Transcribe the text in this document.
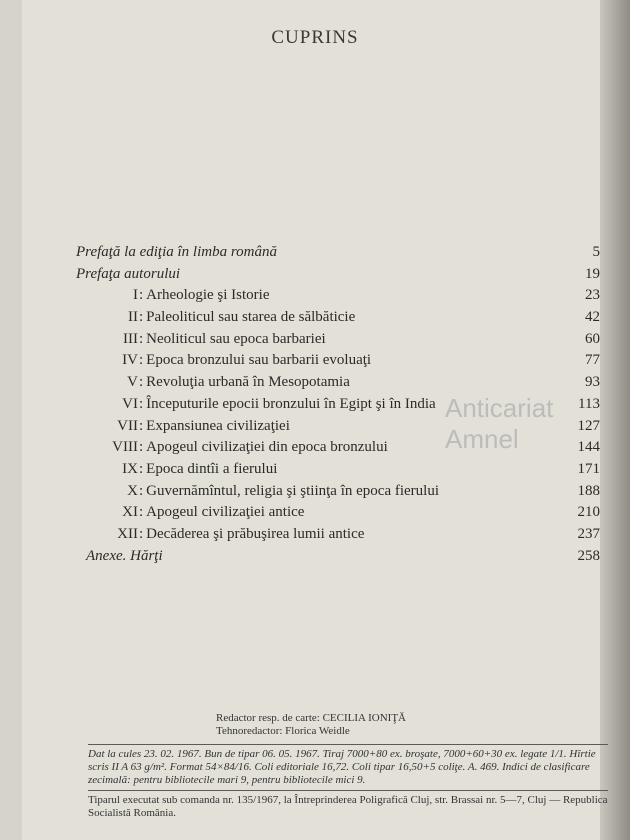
CUPRINS
Prefaţă la ediţia în limba română	5
Prefaţa autorului	19
I: Arheologie şi Istorie	23
II: Paleoliticul sau starea de sălbăticie	42
III: Neoliticul sau epoca barbariei	60
IV: Epoca bronzului sau barbarii evoluaţi	77
V: Revoluţia urbană în Mesopotamia	93
VI: Începuturile epocii bronzului în Egipt şi în India	113
VII: Expansiunea civilizaţiei	127
VIII: Apogeul civilizaţiei din epoca bronzului	144
IX: Epoca dintîi a fierului	171
X: Guvernămîntul, religia şi ştiinţa în epoca fierului	188
XI: Apogeul civilizaţiei antice	210
XII: Decăderea şi prăbuşirea lumii antice	237
Anexe. Hărţi	258
Anticariat Amnel
Redactor resp. de carte: CECILIA IONIŢĂ
Tehnoredactor: Florica Weidle
Dat la cules 23. 02. 1967. Bun de tipar 06. 05. 1967. Tiraj 7000+80 ex. broşate, 7000+60+30 ex. legate 1/1. Hîrtie scris II A 63 g/m². Format 54×84/16. Coli editoriale 16,72. Coli tipar 16,50+5 coliţe. A. 469. Indici de clasificare zecimală: pentru bibliotecile mari 9, pentru bibliotecile mici 9.
Tiparul executat sub comanda nr. 135/1967, la Întreprinderea Poligrafică Cluj, str. Brassai nr. 5—7, Cluj — Republica Socialistă România.
